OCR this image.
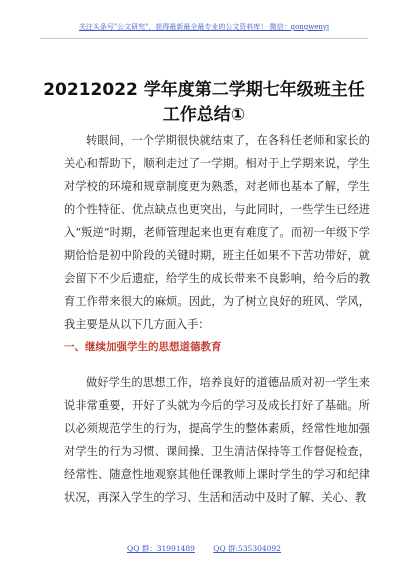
关注头条号"公文研究"，获得最新最全最专业的公文资料库！ 微信：gongwenyj
20212022 学年度第二学期七年级班主任工作总结①
转眼间，一个学期很快就结束了，在各科任老师和家长的关心和帮助下，顺利走过了一学期。相对于上学期来说，学生对学校的环境和规章制度更为熟悉，对老师也基本了解，学生的个性特征、优点缺点也更突出，与此同时，一些学生已经进入“叛逆”时期，老师管理起来也更有难度了。而初一年级下学期恰恰是初中阶段的关键时期，班主任如果不下苦功带好，就会留下不少后遗症，给学生的成长带来不良影响，给今后的教育工作带来很大的麻烦。因此，为了树立良好的班风、学风，我主要是从以下几方面入手：
一、继续加强学生的思想道德教育
做好学生的思想工作，培养良好的道德品质对初一学生来说非常重要，开好了头就为今后的学习及成长打好了基础。所以必须规范学生的行为，提高学生的整体素质，经常性地加强对学生的行为习惯、课间操、卫生清洁保持等工作督促检查，经常性、随意性地观察其他任课教师上课时学生的学习和纪律状况，再深入学生的学习、生活和活动中及时了解、关心、教
QQ 群：31991489 QQ 群:535304092
